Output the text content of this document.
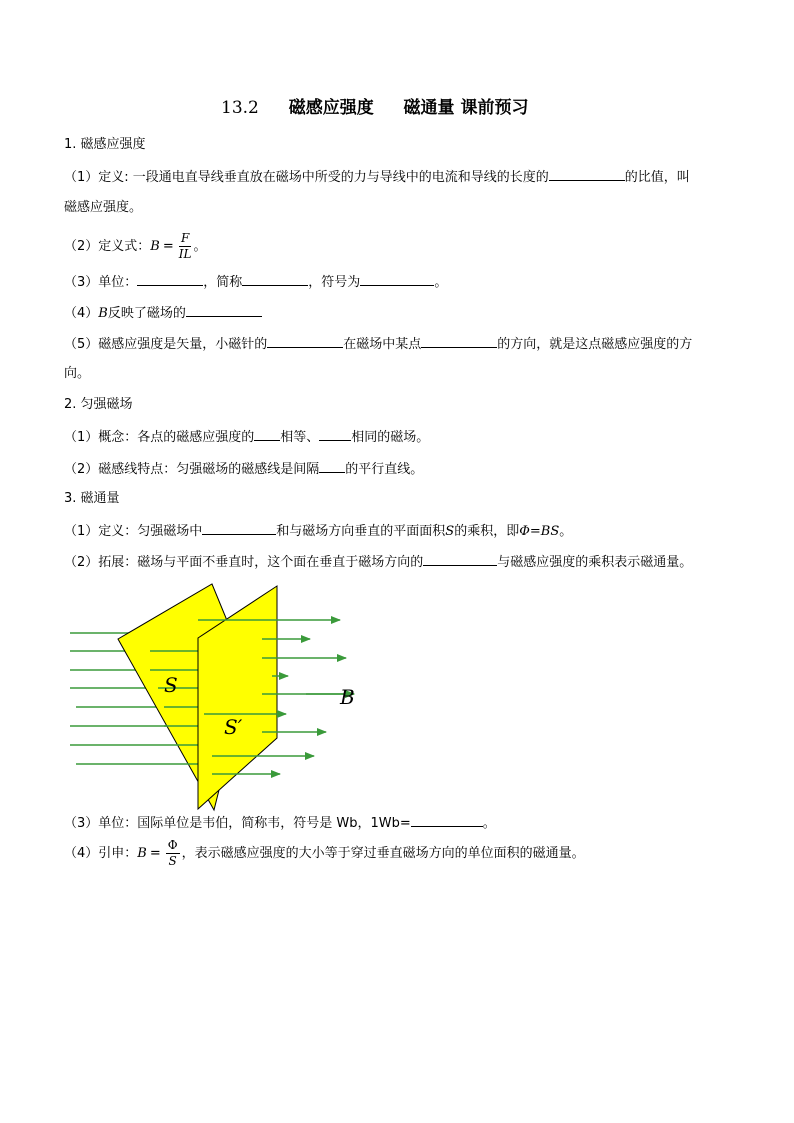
13.2 磁感应强度 磁通量 课前预习
1. 磁感应强度
（1）定义: 一段通电直导线垂直放在磁场中所受的力与导线中的电流和导线的长度的	的比值，叫
磁感应强度。
（2）定义式：$B = \frac{F}{IL}$ 。
（3）单位：	，简称	，符号为	。
（4）B反映了磁场的
（5）磁感应强度是矢量，小磁针的	在磁场中某点	的方向，就是这点磁感应强度的方
向。
2. 匀强磁场
（1）概念：各点的磁感应强度的 相等、 相同的磁场。
（2）磁感线特点：匀强磁场的磁感线是间隔 的平行直线。
3. 磁通量
（1）定义：匀强磁场中	和与磁场方向垂直的平面面积S的乘积，即Φ=BS。
（2）拓展：磁场与平面不垂直时，这个面在垂直于磁场方向的	与磁感应强度的乘积表示磁通量。
S
S′
B
（3）单位：国际单位是韦伯，简称韦，符号是 Wb，1Wb=	。
（4）引申：$B = \frac{\Phi}{S}$ ，表示磁感应强度的大小等于穿过垂直磁场方向的单位面积的磁通量。
